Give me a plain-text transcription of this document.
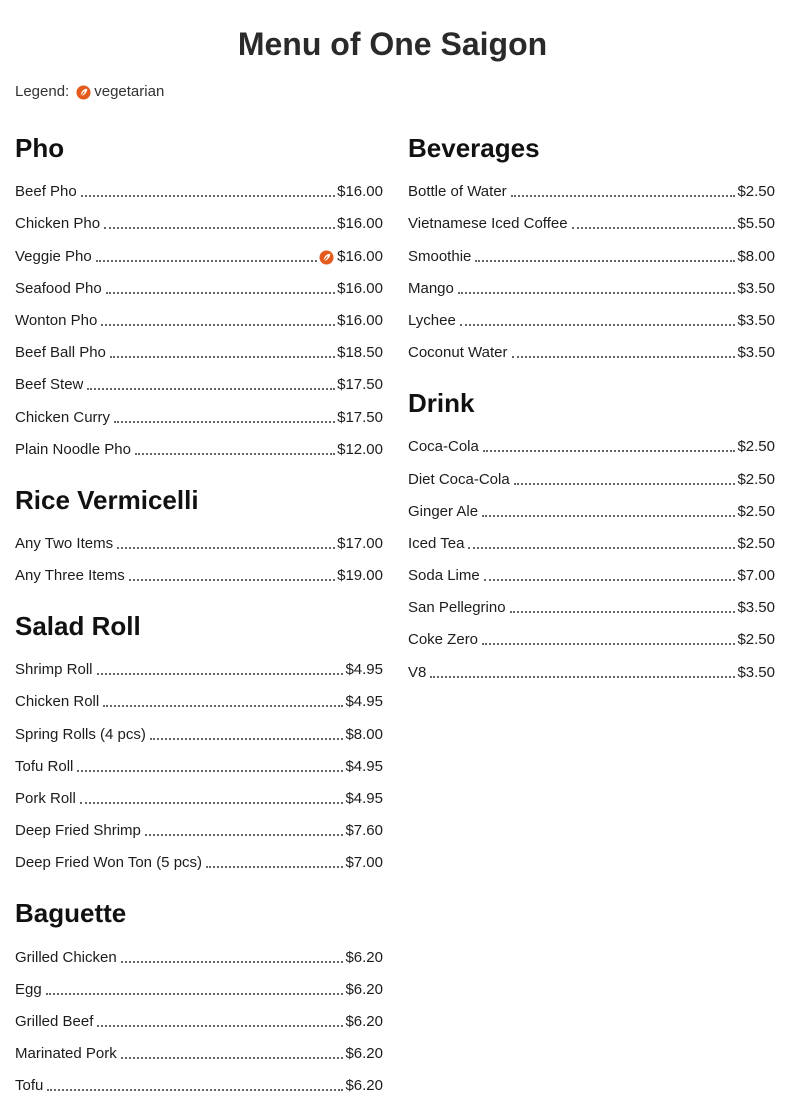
Menu of One Saigon
Legend: vegetarian
Pho
Beef Pho	$16.00
Chicken Pho	$16.00
Veggie Pho	$16.00
Seafood Pho	$16.00
Wonton Pho	$16.00
Beef Ball Pho	$18.50
Beef Stew	$17.50
Chicken Curry	$17.50
Plain Noodle Pho	$12.00
Rice Vermicelli
Any Two Items	$17.00
Any Three Items	$19.00
Salad Roll
Shrimp Roll	$4.95
Chicken Roll	$4.95
Spring Rolls (4 pcs)	$8.00
Tofu Roll	$4.95
Pork Roll	$4.95
Deep Fried Shrimp	$7.60
Deep Fried Won Ton (5 pcs)	$7.00
Baguette
Grilled Chicken	$6.20
Egg	$6.20
Grilled Beef	$6.20
Marinated Pork	$6.20
Tofu	$6.20
Beverages
Bottle of Water	$2.50
Vietnamese Iced Coffee	$5.50
Smoothie	$8.00
Mango	$3.50
Lychee	$3.50
Coconut Water	$3.50
Drink
Coca-Cola	$2.50
Diet Coca-Cola	$2.50
Ginger Ale	$2.50
Iced Tea	$2.50
Soda Lime	$7.00
San Pellegrino	$3.50
Coke Zero	$2.50
V8	$3.50
